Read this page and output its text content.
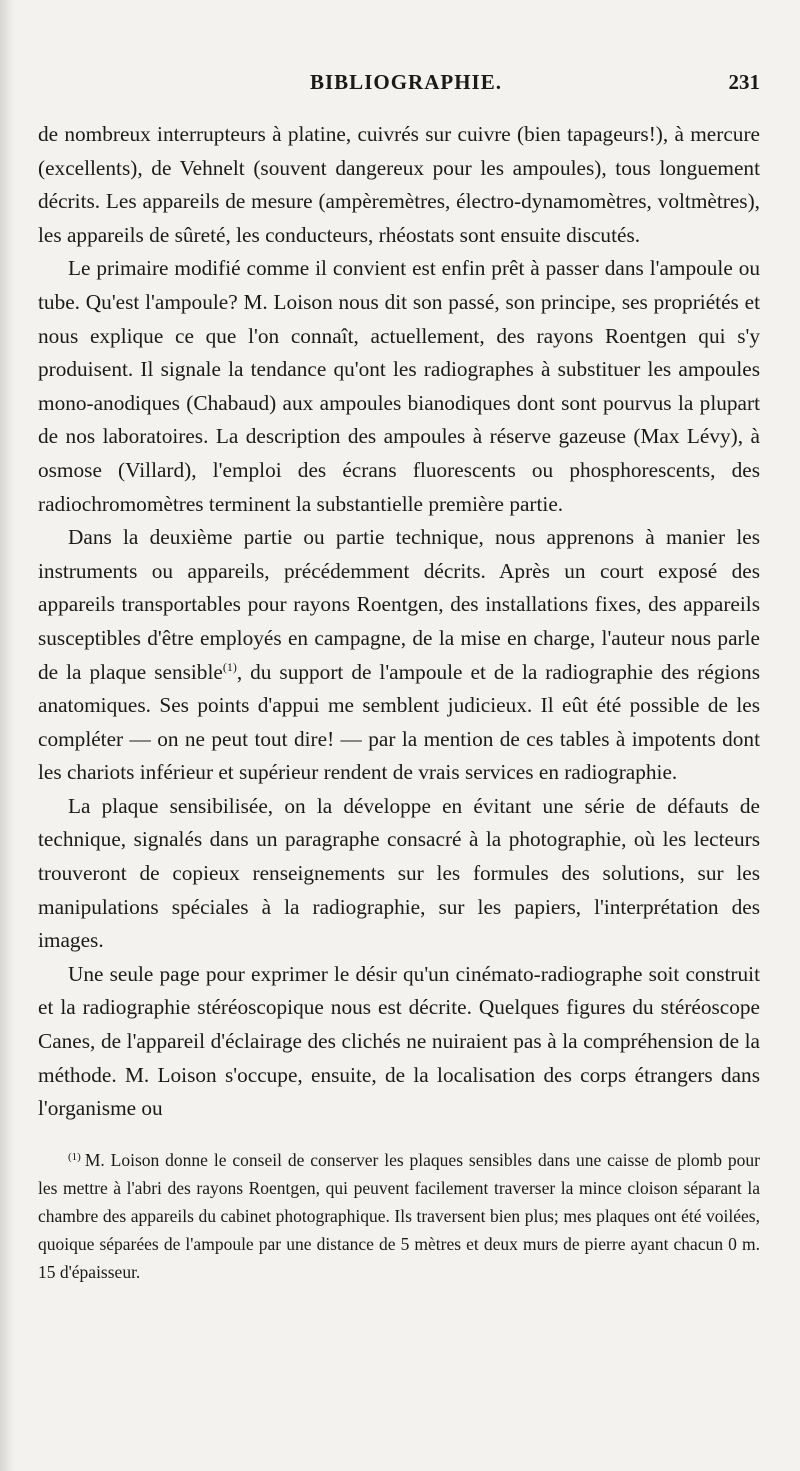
BIBLIOGRAPHIE.	231

de nombreux interrupteurs à platine, cuivrés sur cuivre (bien tapageurs!), à mercure (excellents), de Vehnelt (souvent dangereux pour les ampoules), tous longuement décrits. Les appareils de mesure (ampèremètres, électro-dynamomètres, voltmètres), les appareils de sûreté, les conducteurs, rhéostats sont ensuite discutés.

Le primaire modifié comme il convient est enfin prêt à passer dans l'ampoule ou tube. Qu'est l'ampoule? M. Loison nous dit son passé, son principe, ses propriétés et nous explique ce que l'on connaît, actuellement, des rayons Roentgen qui s'y produisent. Il signale la tendance qu'ont les radiographes à substituer les ampoules mono-anodiques (Chabaud) aux ampoules bianodiques dont sont pourvus la plupart de nos laboratoires. La description des ampoules à réserve gazeuse (Max Lévy), à osmose (Villard), l'emploi des écrans fluorescents ou phosphorescents, des radiochromomètres terminent la substantielle première partie.

Dans la deuxième partie ou partie technique, nous apprenons à manier les instruments ou appareils, précédemment décrits. Après un court exposé des appareils transportables pour rayons Roentgen, des installations fixes, des appareils susceptibles d'être employés en campagne, de la mise en charge, l'auteur nous parle de la plaque sensible$^{(1)}$, du support de l'ampoule et de la radiographie des régions anatomiques. Ses points d'appui me semblent judicieux. Il eût été possible de les compléter — on ne peut tout dire! — par la mention de ces tables à impotents dont les chariots inférieur et supérieur rendent de vrais services en radiographie.

La plaque sensibilisée, on la développe en évitant une série de défauts de technique, signalés dans un paragraphe consacré à la photographie, où les lecteurs trouveront de copieux renseignements sur les formules des solutions, sur les manipulations spéciales à la radiographie, sur les papiers, l'interprétation des images.

Une seule page pour exprimer le désir qu'un cinémato-radiographe soit construit et la radiographie stéréoscopique nous est décrite. Quelques figures du stéréoscope Canes, de l'appareil d'éclairage des clichés ne nuiraient pas à la compréhension de la méthode. M. Loison s'occupe, ensuite, de la localisation des corps étrangers dans l'organisme ou

$^{(1)}$ M. Loison donne le conseil de conserver les plaques sensibles dans une caisse de plomb pour les mettre à l'abri des rayons Roentgen, qui peuvent facilement traverser la mince cloison séparant la chambre des appareils du cabinet photographique. Ils traversent bien plus; mes plaques ont été voilées, quoique séparées de l'ampoule par une distance de 5 mètres et deux murs de pierre ayant chacun 0 m. 15 d'épaisseur.
